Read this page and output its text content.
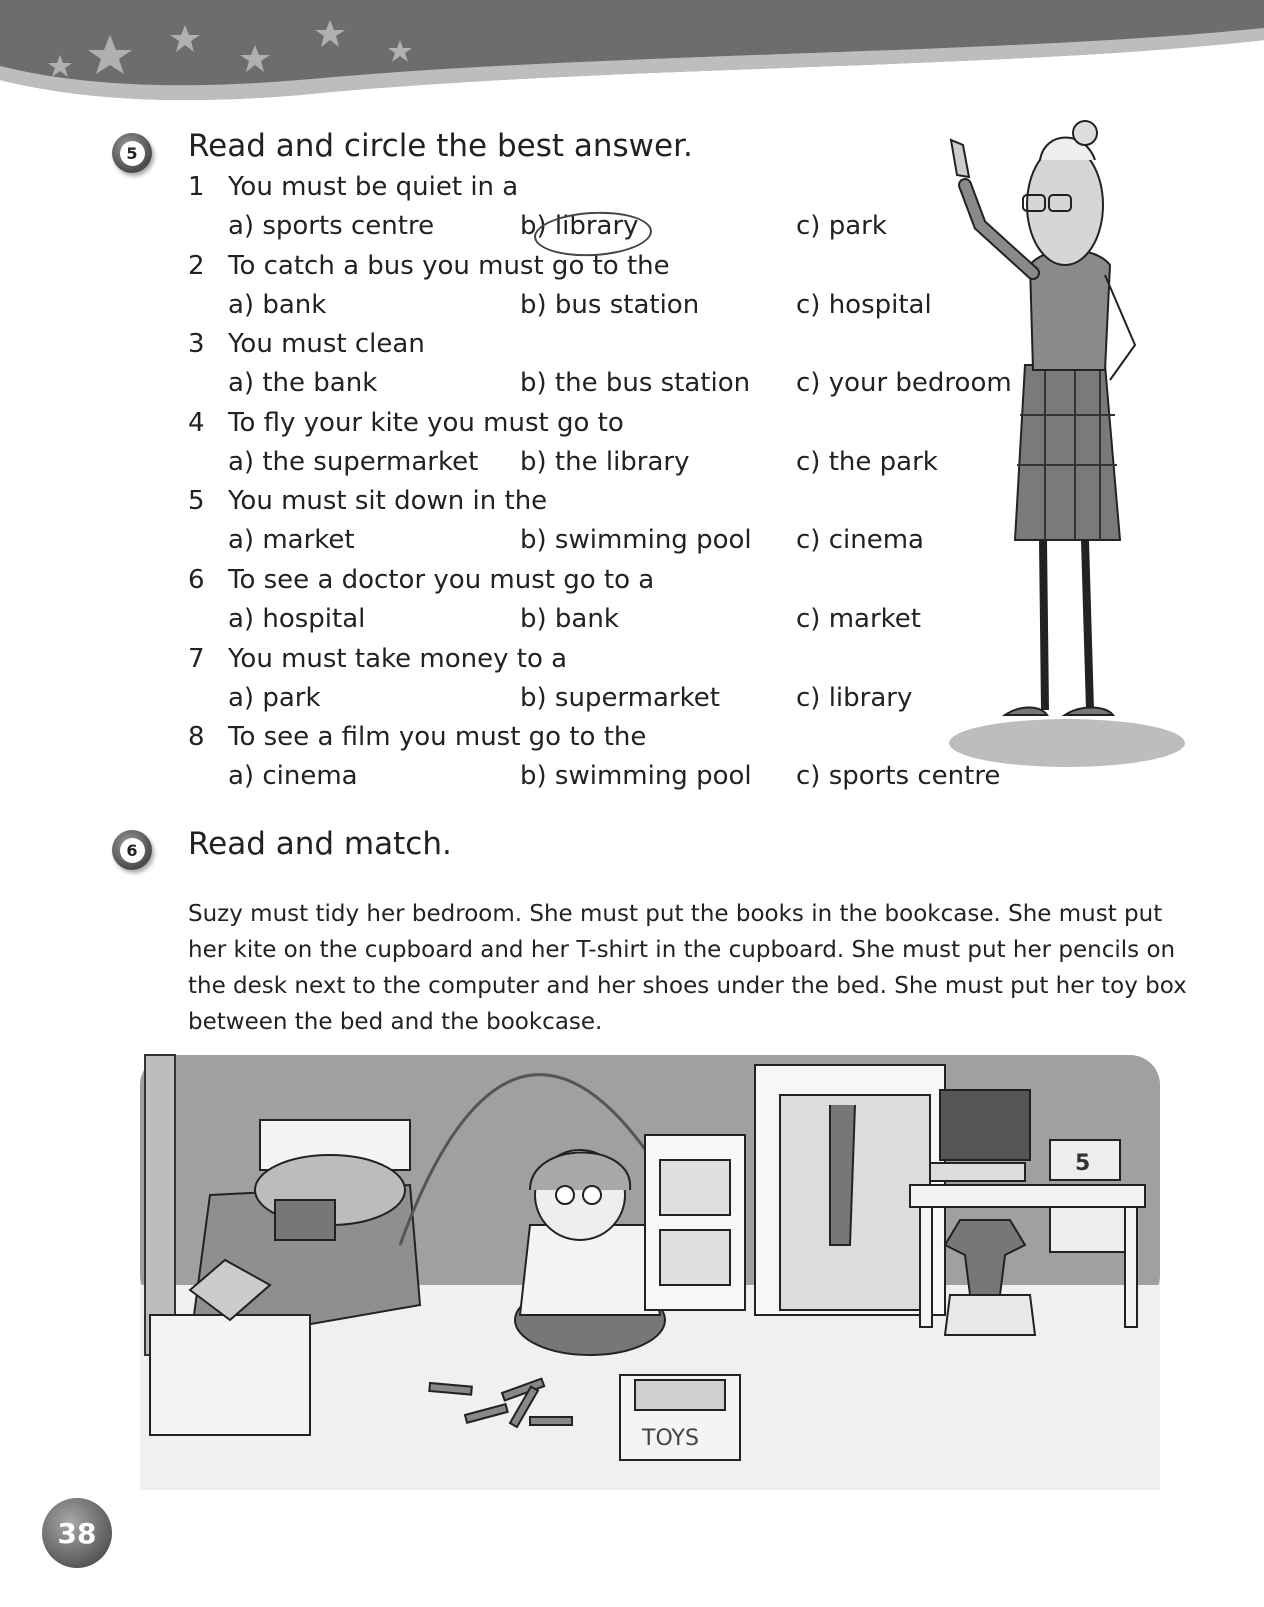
5 Read and circle the best answer.
1 You must be quiet in a
a) sports centre	b) library	c) park
2 To catch a bus you must go to the
a) bank	b) bus station	c) hospital
3 You must clean
a) the bank	b) the bus station c) your bedroom
4 To fly your kite you must go to
a) the supermarket b) the library	c) the park
5 You must sit down in the
a) market	b) swimming pool c) cinema
6 To see a doctor you must go to a
a) hospital	b) bank	c) market
7 You must take money to a
a) park	b) supermarket	c) library
8 To see a film you must go to the
a) cinema	b) swimming pool c) sports centre
6 Read and match.
Suzy must tidy her bedroom. She must put the books in the bookcase. She must put her kite on the cupboard and her T-shirt in the cupboard. She must put her pencils on the desk next to the computer and her shoes under the bed. She must put her toy box between the bed and the bookcase.
5
TOYS
38
